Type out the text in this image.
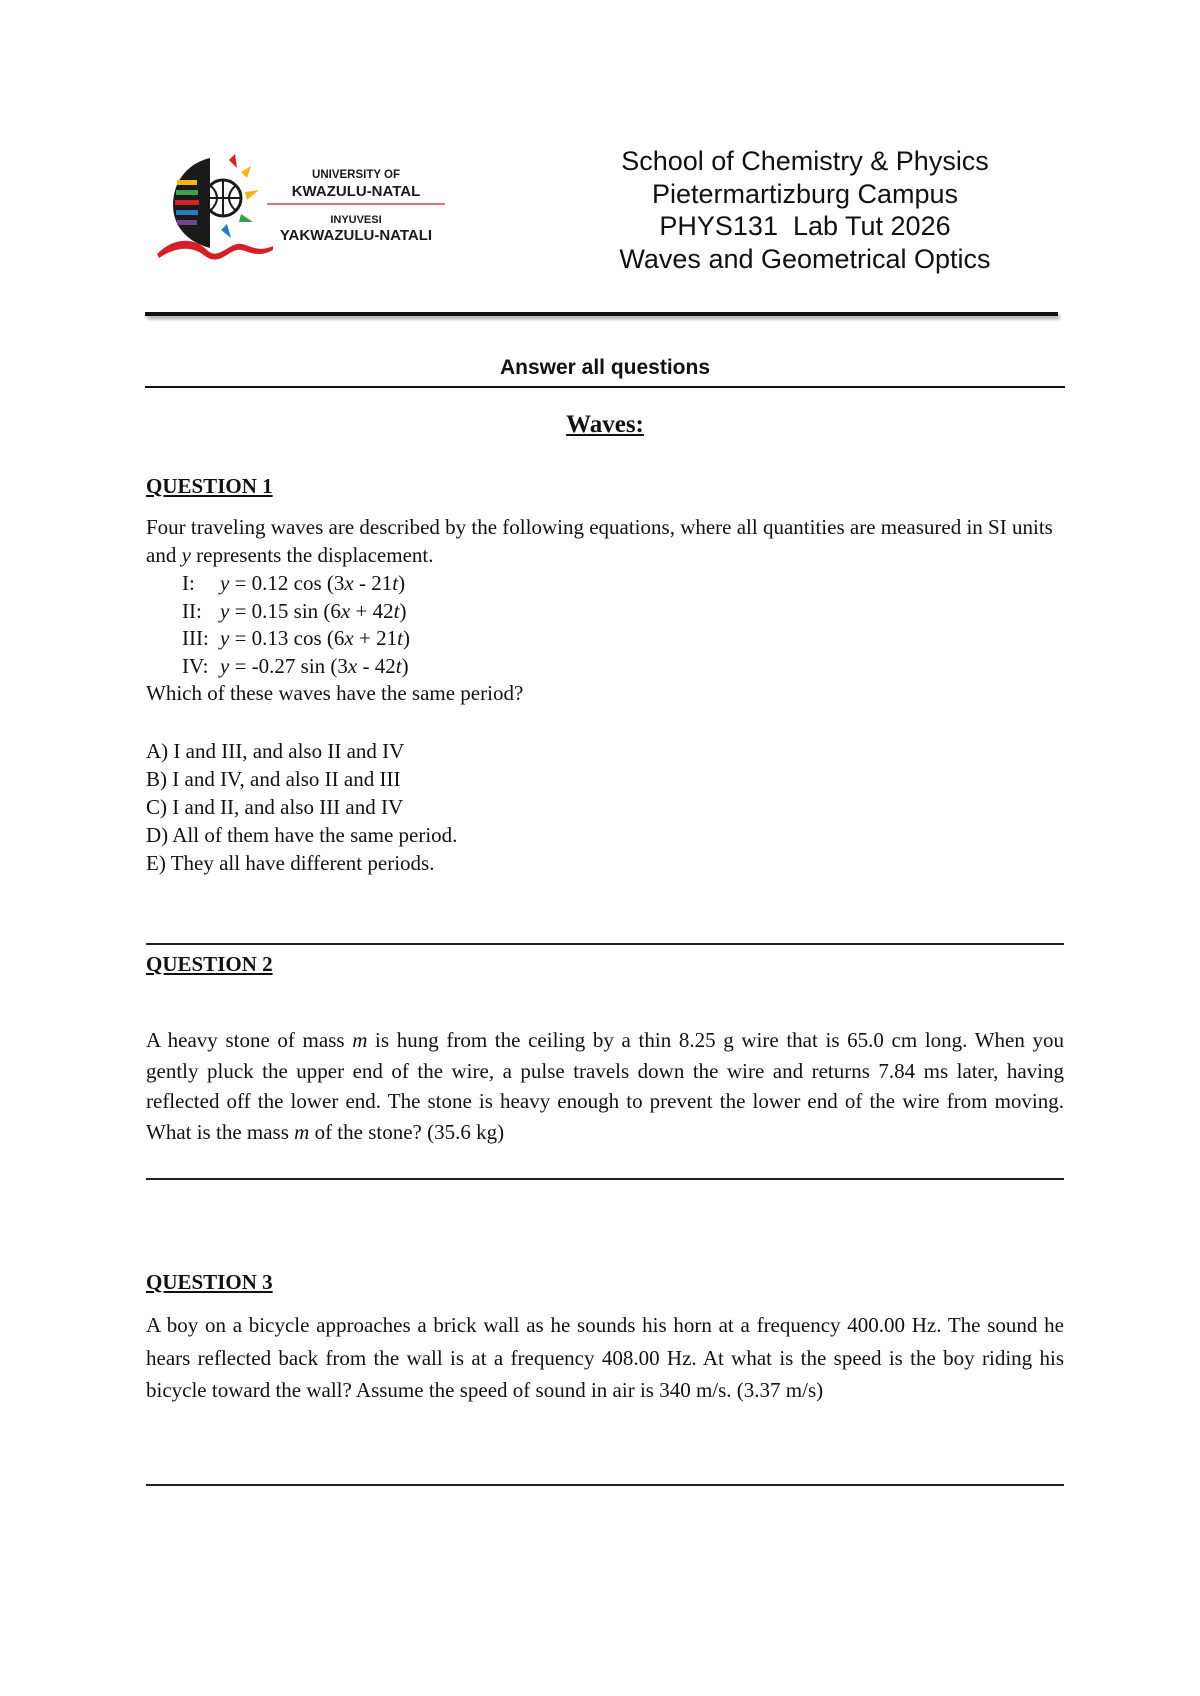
UNIVERSITY OF
KWAZULU-NATAL
INYUVESI
YAKWAZULU-NATALI
School of Chemistry & Physics
Pietermartizburg Campus
PHYS131  Lab Tut 2026
Waves and Geometrical Optics
Answer all questions
Waves:
QUESTION 1
Four traveling waves are described by the following equations, where all quantities are measured in SI units and y represents the displacement.
I: y = 0.12 cos (3x - 21t)
II: y = 0.15 sin (6x + 42t)
III: y = 0.13 cos (6x + 21t)
IV: y = -0.27 sin (3x - 42t)
Which of these waves have the same period?
A) I and III, and also II and IV
B) I and IV, and also II and III
C) I and II, and also III and IV
D) All of them have the same period.
E) They all have different periods.
QUESTION 2
A heavy stone of mass m is hung from the ceiling by a thin 8.25 g wire that is 65.0 cm long. When you gently pluck the upper end of the wire, a pulse travels down the wire and returns 7.84 ms later, having reflected off the lower end. The stone is heavy enough to prevent the lower end of the wire from moving. What is the mass m of the stone? (35.6 kg)
QUESTION 3
A boy on a bicycle approaches a brick wall as he sounds his horn at a frequency 400.00 Hz. The sound he hears reflected back from the wall is at a frequency 408.00 Hz. At what is the speed is the boy riding his bicycle toward the wall? Assume the speed of sound in air is 340 m/s. (3.37 m/s)
